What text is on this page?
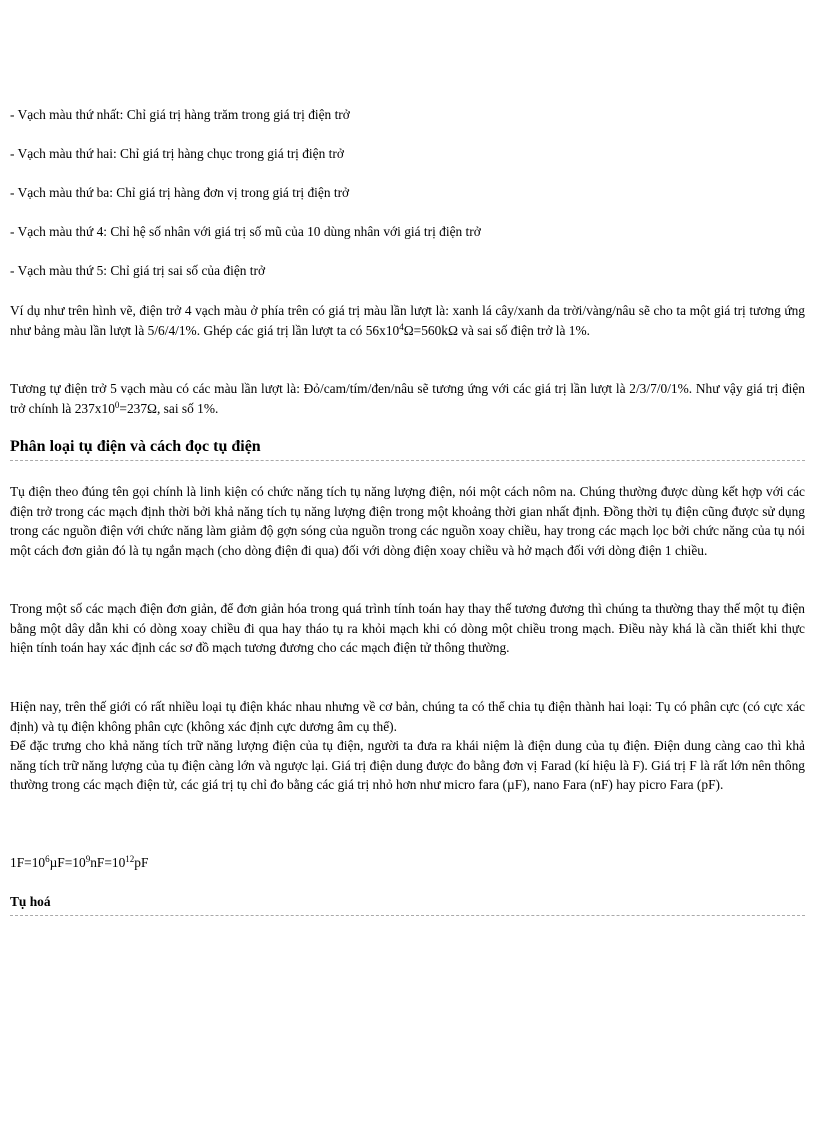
- Vạch màu thứ nhất: Chỉ giá trị hàng trăm trong giá trị điện trở
- Vạch màu thứ hai: Chỉ giá trị hàng chục trong giá trị điện trở
- Vạch màu thứ ba: Chỉ giá trị hàng đơn vị trong giá trị điện trở
- Vạch màu thứ 4: Chỉ hệ số nhân với giá trị số mũ của 10 dùng nhân với giá trị điện trở
- Vạch màu thứ 5: Chỉ giá trị sai số của điện trở

Ví dụ như trên hình vẽ, điện trở 4 vạch màu ở phía trên có giá trị màu lần lượt là: xanh lá cây/xanh da trời/vàng/nâu sẽ cho ta một giá trị tương ứng như bảng màu lần lượt là 5/6/4/1%. Ghép các giá trị lần lượt ta có $56x10^4\Omega=560k\Omega$ và sai số điện trở là 1%.

Tương tự điện trở 5 vạch màu có các màu lần lượt là: Đỏ/cam/tím/đen/nâu sẽ tương ứng với các giá trị lần lượt là 2/3/7/0/1%. Như vậy giá trị điện trở chính là $237x10^0=237\Omega$, sai số 1%.

Phân loại tụ điện và cách đọc tụ điện

Tụ điện theo đúng tên gọi chính là linh kiện có chức năng tích tụ năng lượng điện, nói một cách nôm na. Chúng thường được dùng kết hợp với các điện trở trong các mạch định thời bởi khả năng tích tụ năng lượng điện trong một khoảng thời gian nhất định. Đồng thời tụ điện cũng được sử dụng trong các nguồn điện với chức năng làm giảm độ gợn sóng của nguồn trong các nguồn xoay chiều, hay trong các mạch lọc bởi chức năng của tụ nói một cách đơn giản đó là tụ ngắn mạch (cho dòng điện đi qua) đối với dòng điện xoay chiều và hở mạch đối với dòng điện 1 chiều.

Trong một số các mạch điện đơn giản, để đơn giản hóa trong quá trình tính toán hay thay thế tương đương thì chúng ta thường thay thế một tụ điện bằng một dây dẫn khi có dòng xoay chiều đi qua hay tháo tụ ra khỏi mạch khi có dòng một chiều trong mạch. Điều này khá là cần thiết khi thực hiện tính toán hay xác định các sơ đồ mạch tương đương cho các mạch điện tử thông thường.

Hiện nay, trên thế giới có rất nhiều loại tụ điện khác nhau nhưng về cơ bản, chúng ta có thể chia tụ điện thành hai loại: Tụ có phân cực (có cực xác định) và tụ điện không phân cực (không xác định cực dương âm cụ thể).

Để đặc trưng cho khả năng tích trữ năng lượng điện của tụ điện, người ta đưa ra khái niệm là điện dung của tụ điện. Điện dung càng cao thì khả năng tích trữ năng lượng của tụ điện càng lớn và ngược lại. Giá trị điện dung được đo bằng đơn vị Farad (kí hiệu là F). Giá trị F là rất lớn nên thông thường trong các mạch điện tử, các giá trị tụ chỉ đo bằng các giá trị nhỏ hơn như micro fara (µF), nano Fara (nF) hay picro Fara (pF).

$1F=10^6\mu F=10^9nF=10^{12}pF$
Tụ hoá
